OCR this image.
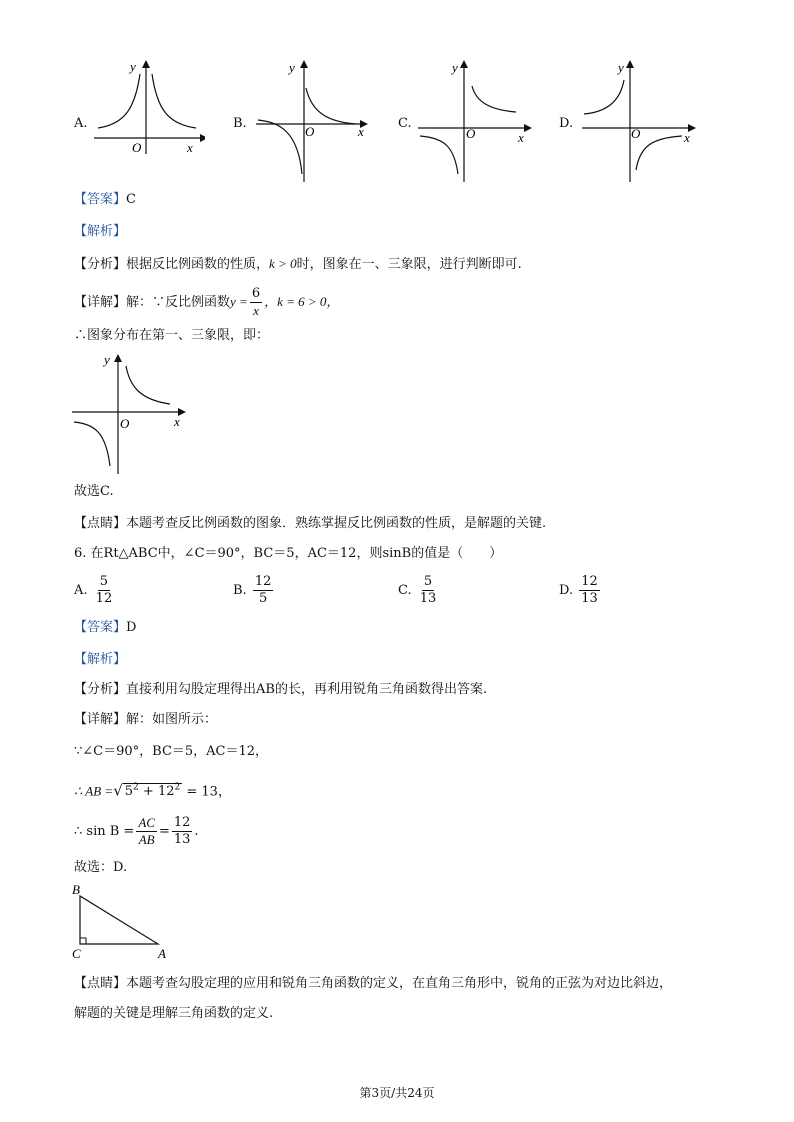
A.
y
x
O
B.
y
x
O
C.
y
x
O
D.
y
x
O
【答案】C
【解析】
【分析】根据反比例函数的性质，k > 0时，图象在一、三象限，进行判断即可.
【详解】解：∵反比例函数$y = \frac{6}{x}$ ，k = 6 > 0，
∴图象分布在第一、三象限，即：
y
x
O
故选C.
【点睛】本题考查反比例函数的图象．熟练掌握反比例函数的性质，是解题的关键.
6. 在Rt△ABC中，∠C＝90°，BC＝5，AC＝12，则sinB的值是（　　）
A. $\frac{5}{12}$	B. $\frac{12}{5}$	C. $\frac{5}{13}$	D. $\frac{12}{13}$
【答案】D
【解析】
【分析】直接利用勾股定理得出AB的长，再利用锐角三角函数得出答案.
【详解】解：如图所示：
∵∠C＝90°，BC＝5，AC＝12，
∴ AB =√ $5^2 + 12^2 = 13$，
∴ $\sin B = \frac{AC}{AB} = \frac{12}{13}$ .
故选：D.
B
C	A
【点睛】本题考查勾股定理的应用和锐角三角函数的定义，在直角三角形中，锐角的正弦为对边比斜边，
解题的关键是理解三角函数的定义.
第3页/共24页
